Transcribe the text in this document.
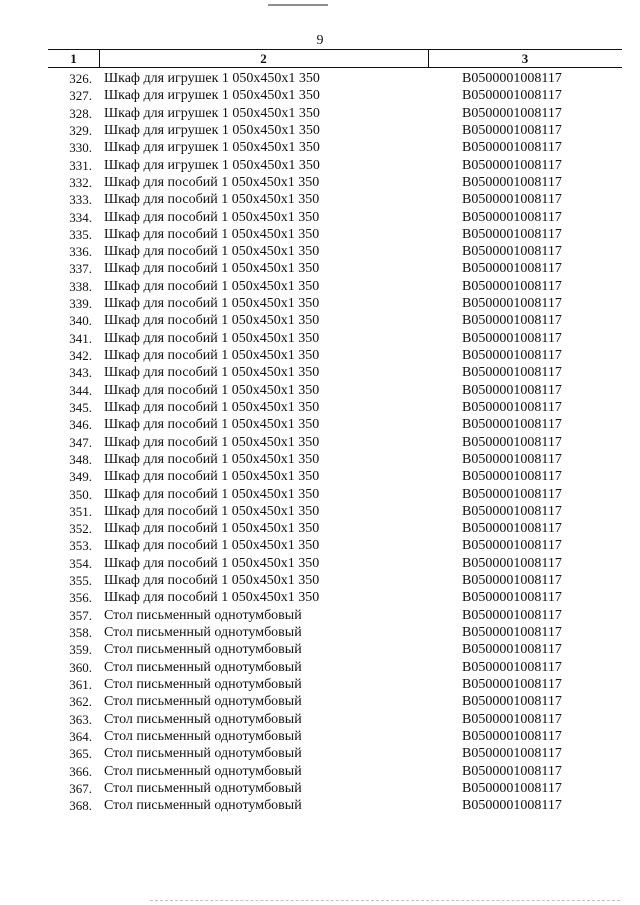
9
1	2	3
326. Шкаф для игрушек 1 050x450x1 350	B0500001008117
327. Шкаф для игрушек 1 050x450x1 350	B0500001008117
328. Шкаф для игрушек 1 050x450x1 350	B0500001008117
329. Шкаф для игрушек 1 050x450x1 350	B0500001008117
330. Шкаф для игрушек 1 050x450x1 350	B0500001008117
331. Шкаф для игрушек 1 050x450x1 350	B0500001008117
332. Шкаф для пособий 1 050x450x1 350	B0500001008117
333. Шкаф для пособий 1 050x450x1 350	B0500001008117
334. Шкаф для пособий 1 050x450x1 350	B0500001008117
335. Шкаф для пособий 1 050x450x1 350	B0500001008117
336. Шкаф для пособий 1 050x450x1 350	B0500001008117
337. Шкаф для пособий 1 050x450x1 350	B0500001008117
338. Шкаф для пособий 1 050x450x1 350	B0500001008117
339. Шкаф для пособий 1 050x450x1 350	B0500001008117
340. Шкаф для пособий 1 050x450x1 350	B0500001008117
341. Шкаф для пособий 1 050x450x1 350	B0500001008117
342. Шкаф для пособий 1 050x450x1 350	B0500001008117
343. Шкаф для пособий 1 050x450x1 350	B0500001008117
344. Шкаф для пособий 1 050x450x1 350	B0500001008117
345. Шкаф для пособий 1 050x450x1 350	B0500001008117
346. Шкаф для пособий 1 050x450x1 350	B0500001008117
347. Шкаф для пособий 1 050x450x1 350	B0500001008117
348. Шкаф для пособий 1 050x450x1 350	B0500001008117
349. Шкаф для пособий 1 050x450x1 350	B0500001008117
350. Шкаф для пособий 1 050x450x1 350	B0500001008117
351. Шкаф для пособий 1 050x450x1 350	B0500001008117
352. Шкаф для пособий 1 050x450x1 350	B0500001008117
353. Шкаф для пособий 1 050x450x1 350	B0500001008117
354. Шкаф для пособий 1 050x450x1 350	B0500001008117
355. Шкаф для пособий 1 050x450x1 350	B0500001008117
356. Шкаф для пособий 1 050x450x1 350	B0500001008117
357. Стол письменный однотумбовый	B0500001008117
358. Стол письменный однотумбовый	B0500001008117
359. Стол письменный однотумбовый	B0500001008117
360. Стол письменный однотумбовый	B0500001008117
361. Стол письменный однотумбовый	B0500001008117
362. Стол письменный однотумбовый	B0500001008117
363. Стол письменный однотумбовый	B0500001008117
364. Стол письменный однотумбовый	B0500001008117
365. Стол письменный однотумбовый	B0500001008117
366. Стол письменный однотумбовый	B0500001008117
367. Стол письменный однотумбовый	B0500001008117
368. Стол письменный однотумбовый	B0500001008117
